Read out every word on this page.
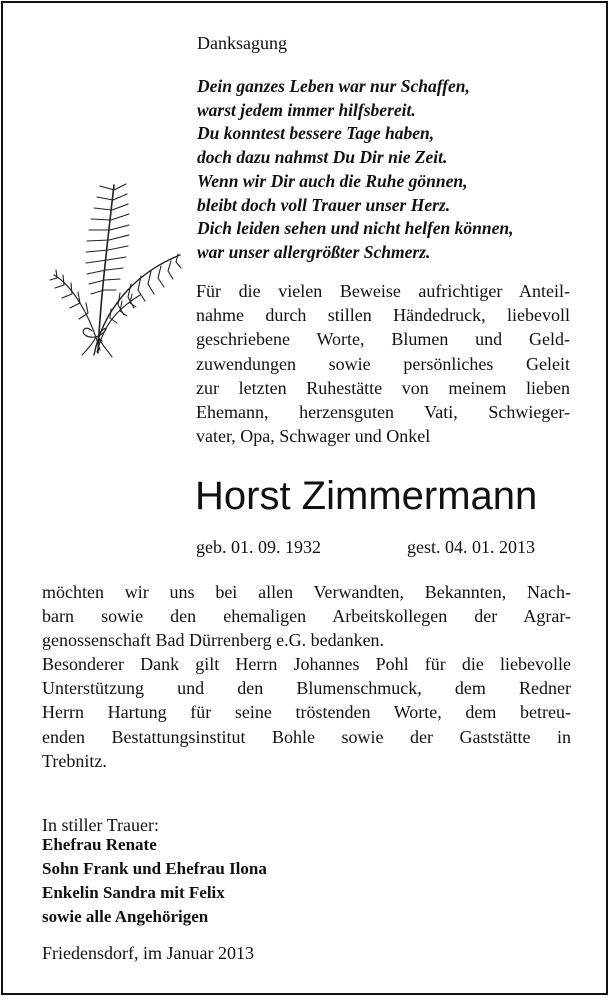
Danksagung
Dein ganzes Leben war nur Schaffen,
warst jedem immer hilfsbereit.
Du konntest bessere Tage haben,
doch dazu nahmst Du Dir nie Zeit.
Wenn wir Dir auch die Ruhe gönnen,
bleibt doch voll Trauer unser Herz.
Dich leiden sehen und nicht helfen können,
war unser allergrößter Schmerz.
Für die vielen Beweise aufrichtiger Anteil-
nahme durch stillen Händedruck, liebevoll
geschriebene Worte, Blumen und Geld-
zuwendungen sowie persönliches Geleit
zur letzten Ruhestätte von meinem lieben
Ehemann, herzensguten Vati, Schwieger-
vater, Opa, Schwager und Onkel
Horst Zimmermann
geb. 01. 09. 1932	gest. 04. 01. 2013
möchten wir uns bei allen Verwandten, Bekannten, Nach-
barn sowie den ehemaligen Arbeitskollegen der Agrar-
genossenschaft Bad Dürrenberg e.G. bedanken.
Besonderer Dank gilt Herrn Johannes Pohl für die liebevolle
Unterstützung und den Blumenschmuck, dem Redner
Herrn Hartung für seine tröstenden Worte, dem betreu-
enden Bestattungsinstitut Bohle sowie der Gaststätte in
Trebnitz.
In stiller Trauer:
Ehefrau Renate
Sohn Frank und Ehefrau Ilona
Enkelin Sandra mit Felix
sowie alle Angehörigen
Friedensdorf, im Januar 2013
